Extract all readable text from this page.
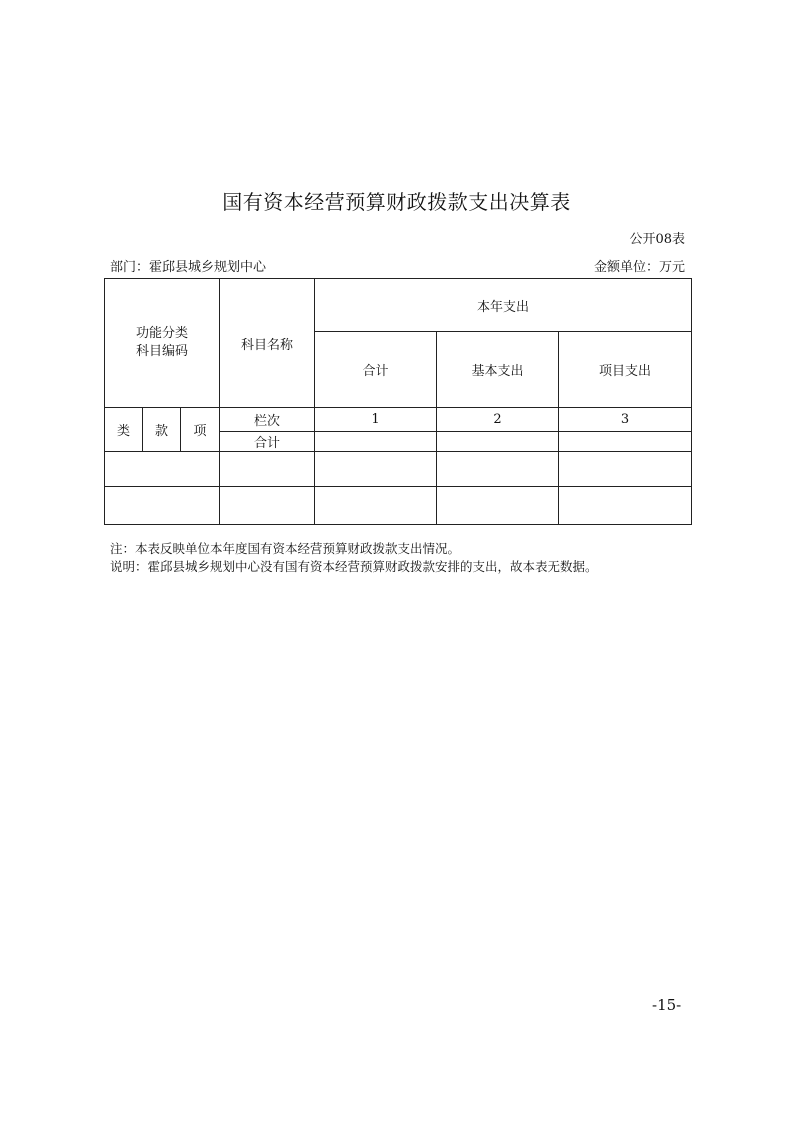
国有资本经营预算财政拨款支出决算表
公开08表
部门：霍邱县城乡规划中心	金额单位：万元
功能分类
科目编码			科目名称	本年支出		
				合计	基本支出	项目支出
类	款	项	栏次	1	2	3
			合计			

注：本表反映单位本年度国有资本经营预算财政拨款支出情况。
说明：霍邱县城乡规划中心没有国有资本经营预算财政拨款安排的支出，故本表无数据。
-15-
